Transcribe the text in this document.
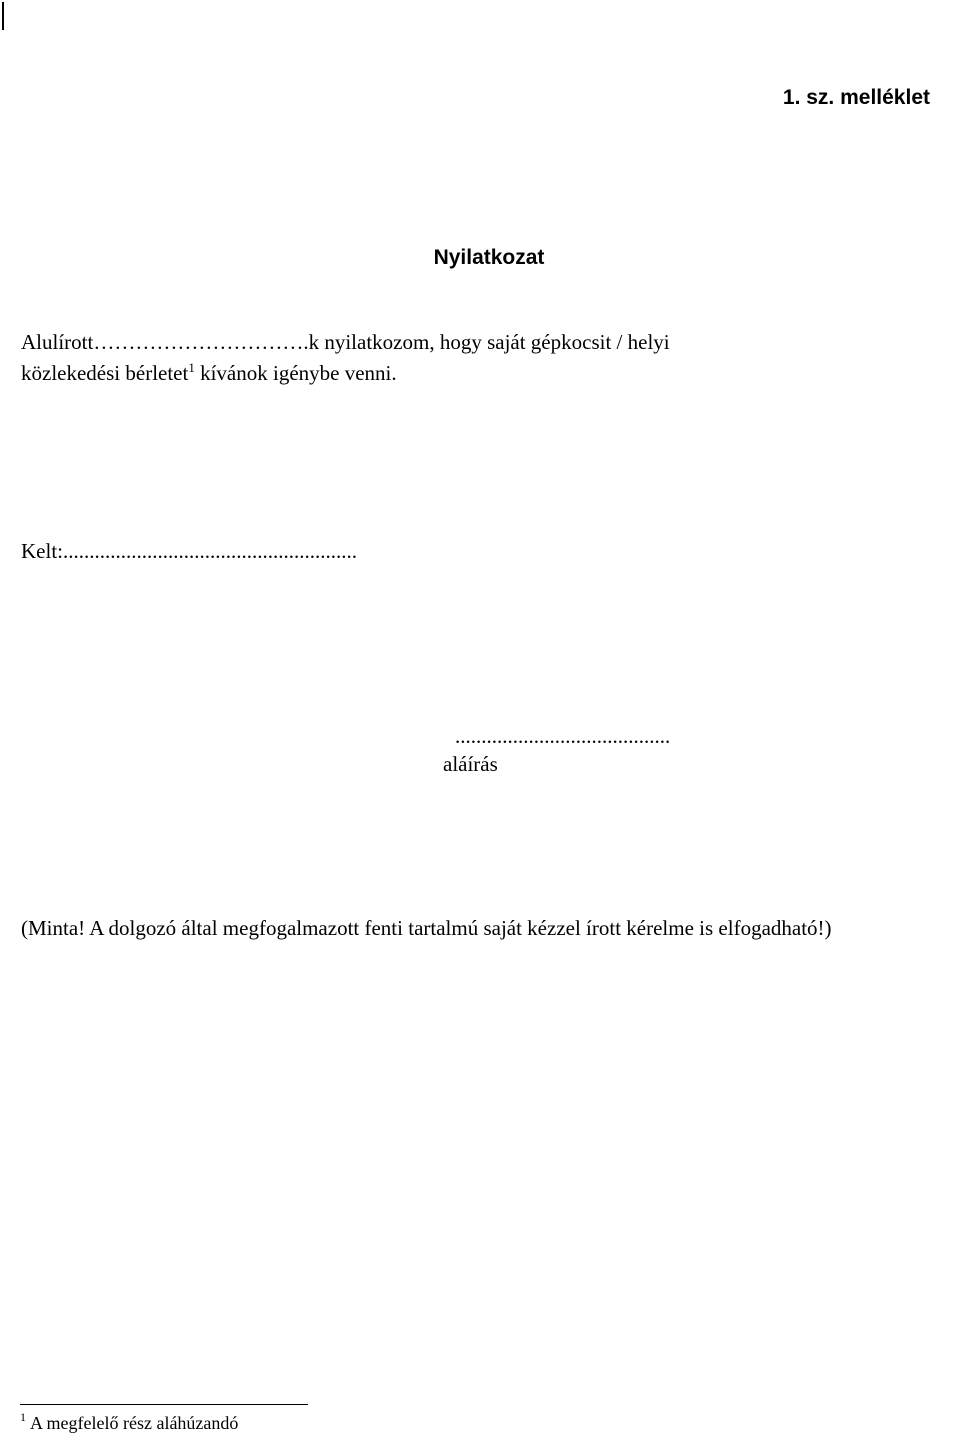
1. sz. melléklet
Nyilatkozat
Alulírott………………………….k nyilatkozom, hogy saját gépkocsit / helyi
közlekedési bérletet$^1$ kívánok igénybe venni.
Kelt:........................................................
.........................................
aláírás
(Minta! A dolgozó által megfogalmazott fenti tartalmú saját kézzel írott kérelme is elfogadható!)
$^1$ A megfelelő rész aláhúzandó
